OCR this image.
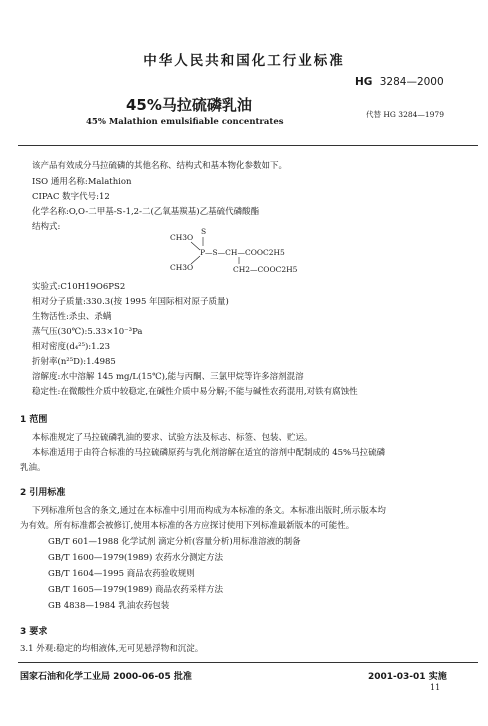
中华人民共和国化工行业标准
HG 3284—2000
45%马拉硫磷乳油
代替 HG 3284—1979
45% Malathion emulsifiable concentrates
该产品有效成分马拉硫磷的其他名称、结构式和基本物化参数如下。
ISO 通用名称:Malathion
CIPAC 数字代号:12
化学名称:O,O-二甲基-S-1,2-二(乙氧基羰基)乙基硫代磷酸酯
结构式:
CH3O
S
P—S—CH—COOC2H5
CH3O	CH2—COOC2H5
实验式:C10H19O6PS2
相对分子质量:330.3(按 1995 年国际相对原子质量)
生物活性:杀虫、杀螨
蒸气压(30℃):5.33×10⁻³Pa
相对密度(d₄²⁵):1.23
折射率(n²⁵D):1.4985
溶解度:水中溶解 145 mg/L(15℃),能与丙酮、三氯甲烷等许多溶剂混溶
稳定性:在微酸性介质中较稳定,在碱性介质中易分解;不能与碱性农药混用,对铁有腐蚀性
1 范围
本标准规定了马拉硫磷乳油的要求、试验方法及标志、标签、包装、贮运。
本标准适用于由符合标准的马拉硫磷原药与乳化剂溶解在适宜的溶剂中配制成的 45%马拉硫磷
乳油。
2 引用标准
下列标准所包含的条文,通过在本标准中引用而构成为本标准的条文。本标准出版时,所示版本均
为有效。所有标准都会被修订,使用本标准的各方应探讨使用下列标准最新版本的可能性。
GB/T 601—1988 化学试剂 滴定分析(容量分析)用标准溶液的制备
GB/T 1600—1979(1989) 农药水分测定方法
GB/T 1604—1995 商品农药验收规则
GB/T 1605—1979(1989) 商品农药采样方法
GB 4838—1984 乳油农药包装
3 要求
3.1 外观:稳定的均相液体,无可见悬浮物和沉淀。
国家石油和化学工业局 2000-06-05 批准	2001-03-01 实施
11
